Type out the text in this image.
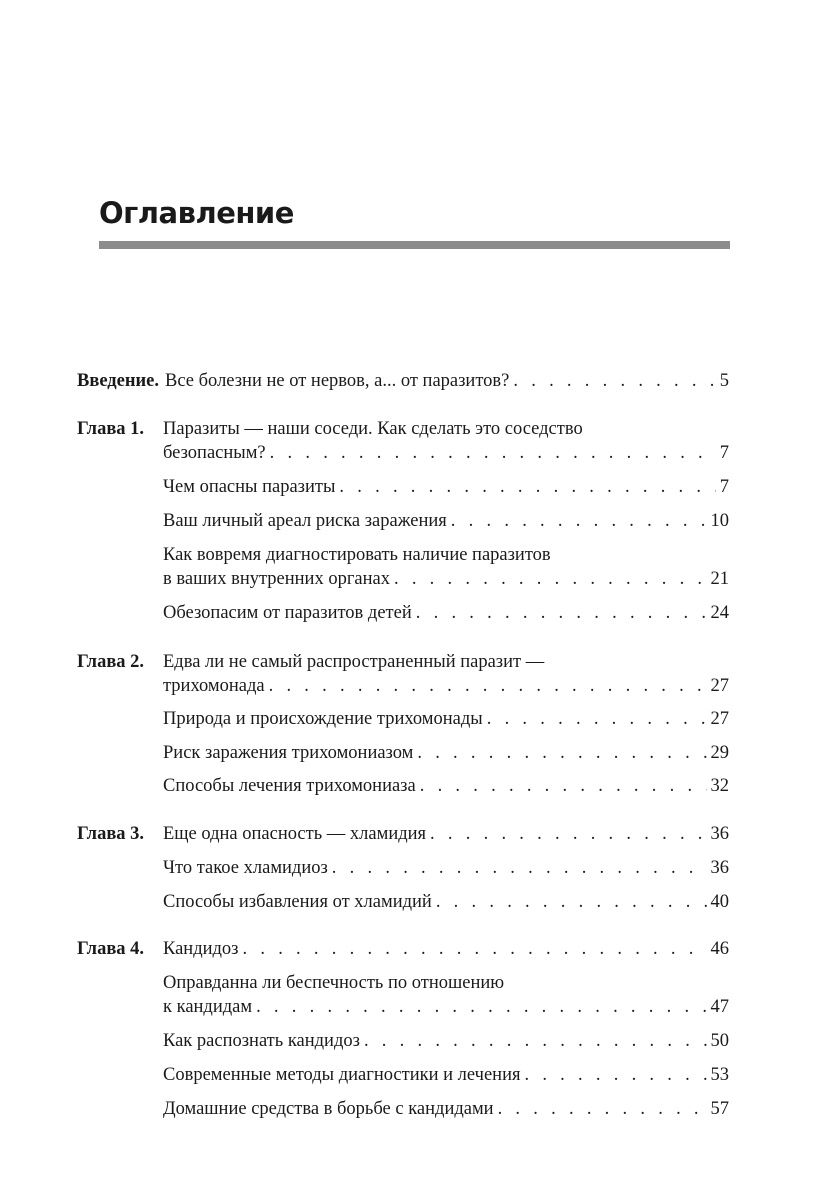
Оглавление
Введение. Все болезни не от нервов, а... от паразитов? . . .	5
Глава 1. Паразиты — наши соседи. Как сделать это соседство
безопасным? . . .	7
Чем опасны паразиты . . .	7
Ваш личный ареал риска заражения . . .	10
Как вовремя диагностировать наличие паразитов
в ваших внутренних органах . . .	21
Обезопасим от паразитов детей . . .	24
Глава 2. Едва ли не самый распространенный паразит —
трихомонада . . .	27
Природа и происхождение трихомонады . . .	27
Риск заражения трихомониазом . . .	29
Способы лечения трихомониаза . . .	32
Глава 3. Еще одна опасность — хламидия . . .	36
Что такое хламидиоз . . .	36
Способы избавления от хламидий . . .	40
Глава 4. Кандидоз . . .	46
Оправданна ли беспечность по отношению
к кандидам . . .	47
Как распознать кандидоз . . .	50
Современные методы диагностики и лечения . . .	53
Домашние средства в борьбе с кандидами . . .	57
